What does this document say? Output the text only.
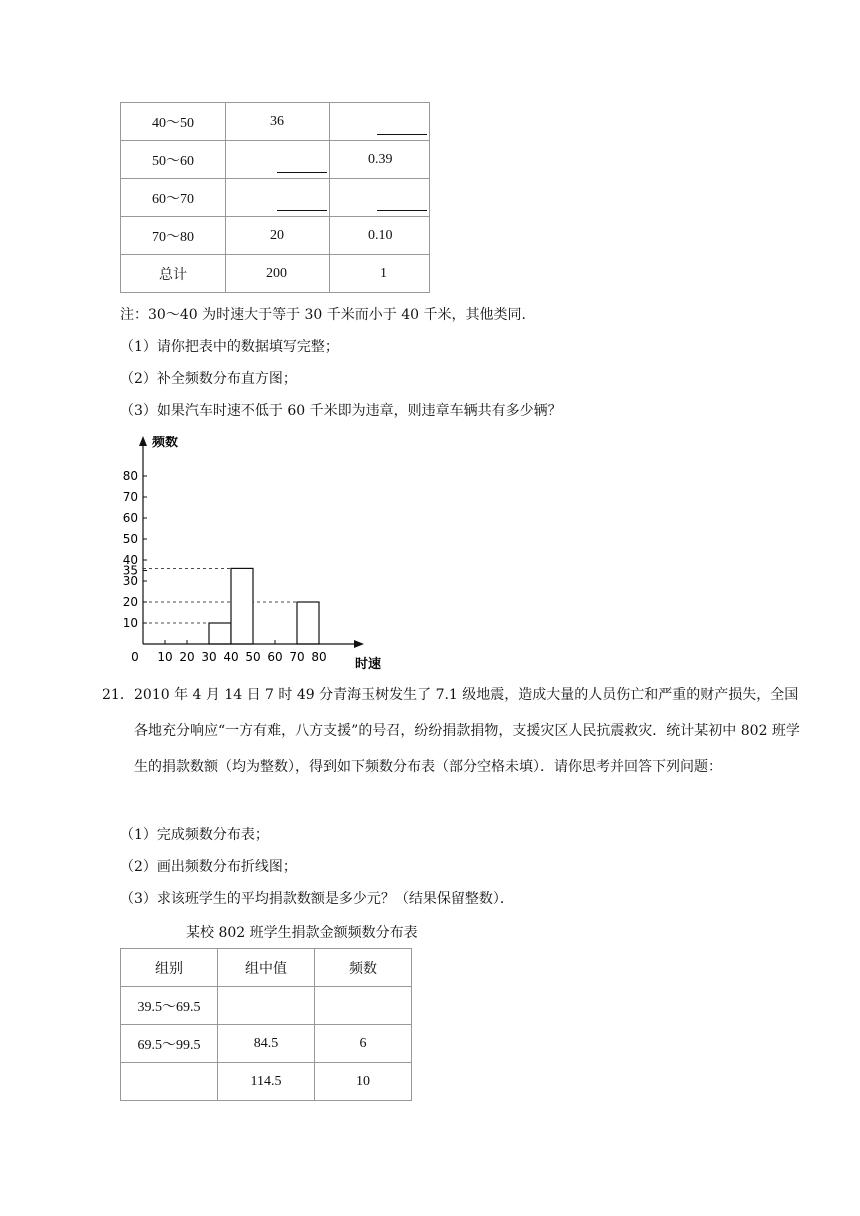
40～50	36	
50～60		0.39
60～70		
70～80	20	0.10
总计	200	1
注：30～40 为时速大于等于 30 千米而小于 40 千米，其他类同.
（1）请你把表中的数据填写完整；
（2）补全频数分布直方图；
（3）如果汽车时速不低于 60 千米即为违章，则违章车辆共有多少辆？
10
20
30
35
40
50
60
70
80
0 10 20 30 40 50 60 70 80
频数
时速
21． 2010 年 4 月 14 日 7 时 49 分青海玉树发生了 7.1 级地震，造成大量的人员伤亡和严重的财产损失，全国各地充分响应“一方有难，八方支援”的号召，纷纷捐款捐物，支援灾区人民抗震救灾．统计某初中 802 班学生的捐款数额（均为整数），得到如下频数分布表（部分空格未填）．请你思考并回答下列问题：
（1）完成频数分布表；
（2）画出频数分布折线图；
（3）求该班学生的平均捐款数额是多少元？（结果保留整数）．
某校 802 班学生捐款金额频数分布表
组别	组中值	频数
39.5～69.5		
69.5～99.5	84.5	6
	114.5	10
